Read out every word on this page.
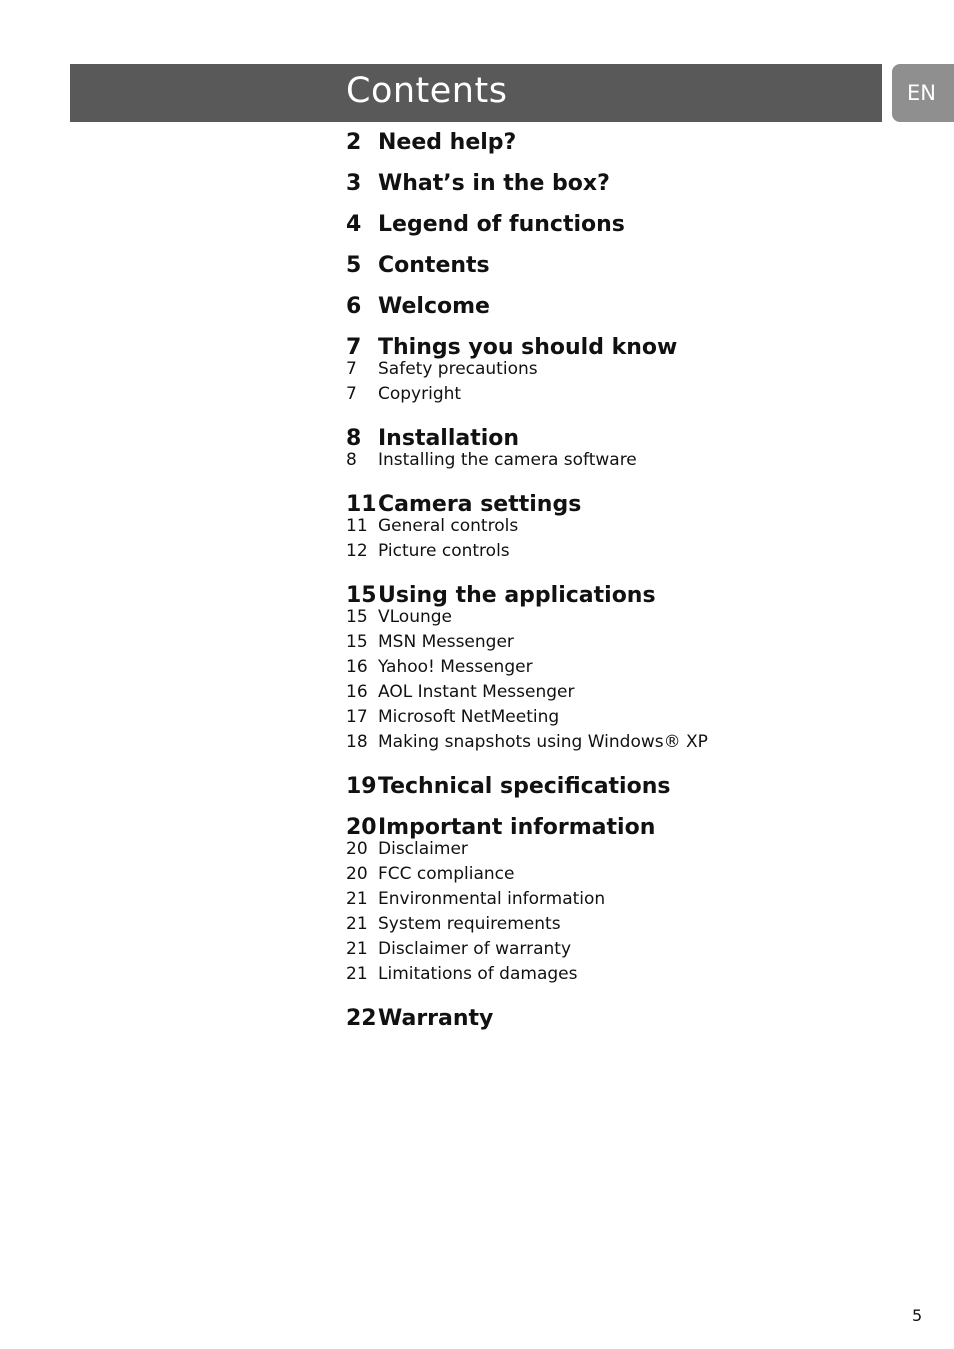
Contents	EN
2 Need help?
3 What’s in the box?
4 Legend of functions
5 Contents
6 Welcome
7 Things you should know
7 Safety precautions
7 Copyright
8 Installation
8 Installing the camera software
11 Camera settings
11 General controls
12 Picture controls
15 Using the applications
15 VLounge
15 MSN Messenger
16 Yahoo! Messenger
16 AOL Instant Messenger
17 Microsoft NetMeeting
18 Making snapshots using Windows® XP
19 Technical specifications
20 Important information
20 Disclaimer
20 FCC compliance
21 Environmental information
21 System requirements
21 Disclaimer of warranty
21 Limitations of damages
22 Warranty
5
